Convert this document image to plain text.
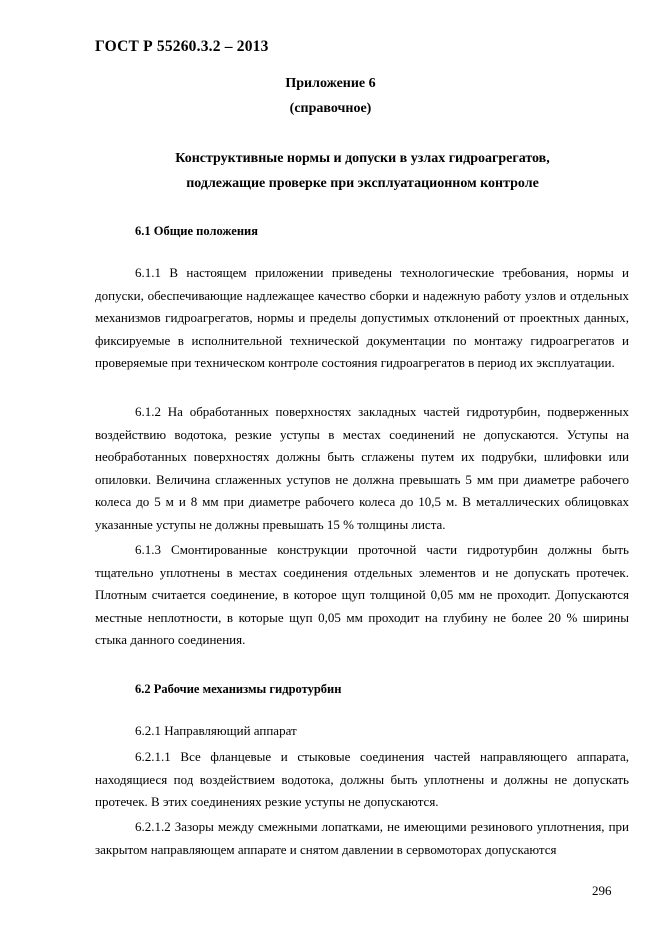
ГОСТ Р 55260.3.2 – 2013
Приложение 6
(справочное)
Конструктивные нормы и допуски в узлах гидроагрегатов,
подлежащие проверке при эксплуатационном контроле
6.1 Общие положения

6.1.1 В настоящем приложении приведены технологические требования, нормы и допуски, обеспечивающие надлежащее качество сборки и надежную работу узлов и отдельных механизмов гидроагрегатов, нормы и пределы допустимых отклонений от проектных данных, фиксируемые в исполнительной технической документации по монтажу гидроагрегатов и проверяемые при техническом контроле состояния гидроагрегатов в период их эксплуатации.

6.1.2 На обработанных поверхностях закладных частей гидротурбин, подверженных воздействию водотока, резкие уступы в местах соединений не допускаются. Уступы на необработанных поверхностях должны быть сглажены путем их подрубки, шлифовки или опиловки. Величина сглаженных уступов не должна превышать 5 мм при диаметре рабочего колеса до 5 м и 8 мм при диаметре рабочего колеса до 10,5 м. В металлических облицовках указанные уступы не должны превышать 15 % толщины листа.

6.1.3 Смонтированные конструкции проточной части гидротурбин должны быть тщательно уплотнены в местах соединения отдельных элементов и не допускать протечек. Плотным считается соединение, в которое щуп толщиной 0,05 мм не проходит. Допускаются местные неплотности, в которые щуп 0,05 мм проходит на глубину не более 20 % ширины стыка данного соединения.

6.2 Рабочие механизмы гидротурбин
6.2.1 Направляющий аппарат

6.2.1.1 Все фланцевые и стыковые соединения частей направляющего аппарата, находящиеся под воздействием водотока, должны быть уплотнены и должны не допускать протечек. В этих соединениях резкие уступы не допускаются.

6.2.1.2 Зазоры между смежными лопатками, не имеющими резинового уплотнения, при закрытом направляющем аппарате и снятом давлении в сервомоторах допускаются

296
